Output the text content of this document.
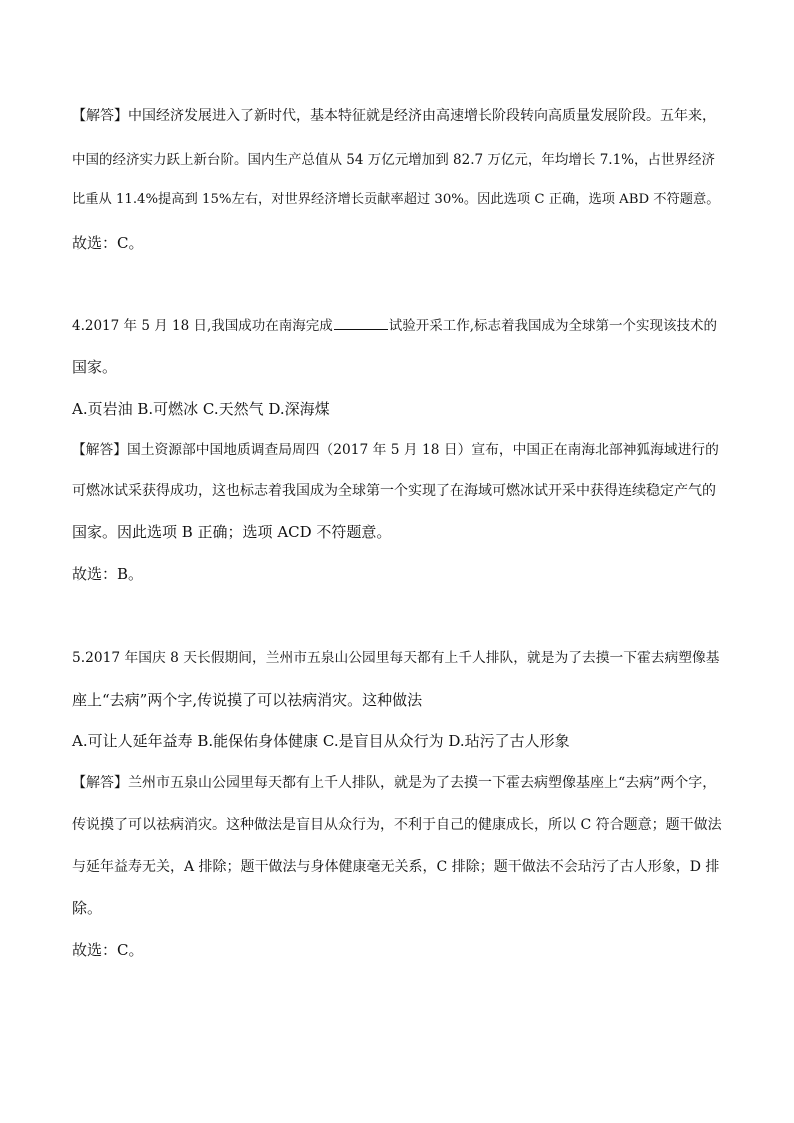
【解答】中国经济发展进入了新时代，基本特征就是经济由高速增长阶段转向高质量发展阶段。五年来，
中国的经济实力跃上新台阶。国内生产总值从 54 万亿元增加到 82.7 万亿元，年均增长 7.1%，占世界经济
比重从 11.4%提高到 15%左右，对世界经济增长贡献率超过 30%。因此选项 C 正确，选项 ABD 不符题意。
故选：C。
4.2017 年 5 月 18 日,我国成功在南海完成	试验开采工作,标志着我国成为全球第一个实现该技术的
国家。
A.页岩油 B.可燃冰 C.天然气 D.深海煤
【解答】国土资源部中国地质调查局周四（2017 年 5 月 18 日）宣布，中国正在南海北部神狐海域进行的
可燃冰试采获得成功，这也标志着我国成为全球第一个实现了在海域可燃冰试开采中获得连续稳定产气的
国家。因此选项 B 正确；选项 ACD 不符题意。
故选：B。
5.2017 年国庆 8 天长假期间，兰州市五泉山公园里每天都有上千人排队，就是为了去摸一下霍去病塑像基
座上“去病”两个字,传说摸了可以祛病消灾。这种做法
A.可让人延年益寿 B.能保佑身体健康 C.是盲目从众行为 D.玷污了古人形象
【解答】兰州市五泉山公园里每天都有上千人排队，就是为了去摸一下霍去病塑像基座上“去病”两个字，
传说摸了可以祛病消灾。这种做法是盲目从众行为，不利于自己的健康成长，所以 C 符合题意；题干做法
与延年益寿无关，A 排除；题干做法与身体健康毫无关系，C 排除；题干做法不会玷污了古人形象，D 排
除。
故选：C。
